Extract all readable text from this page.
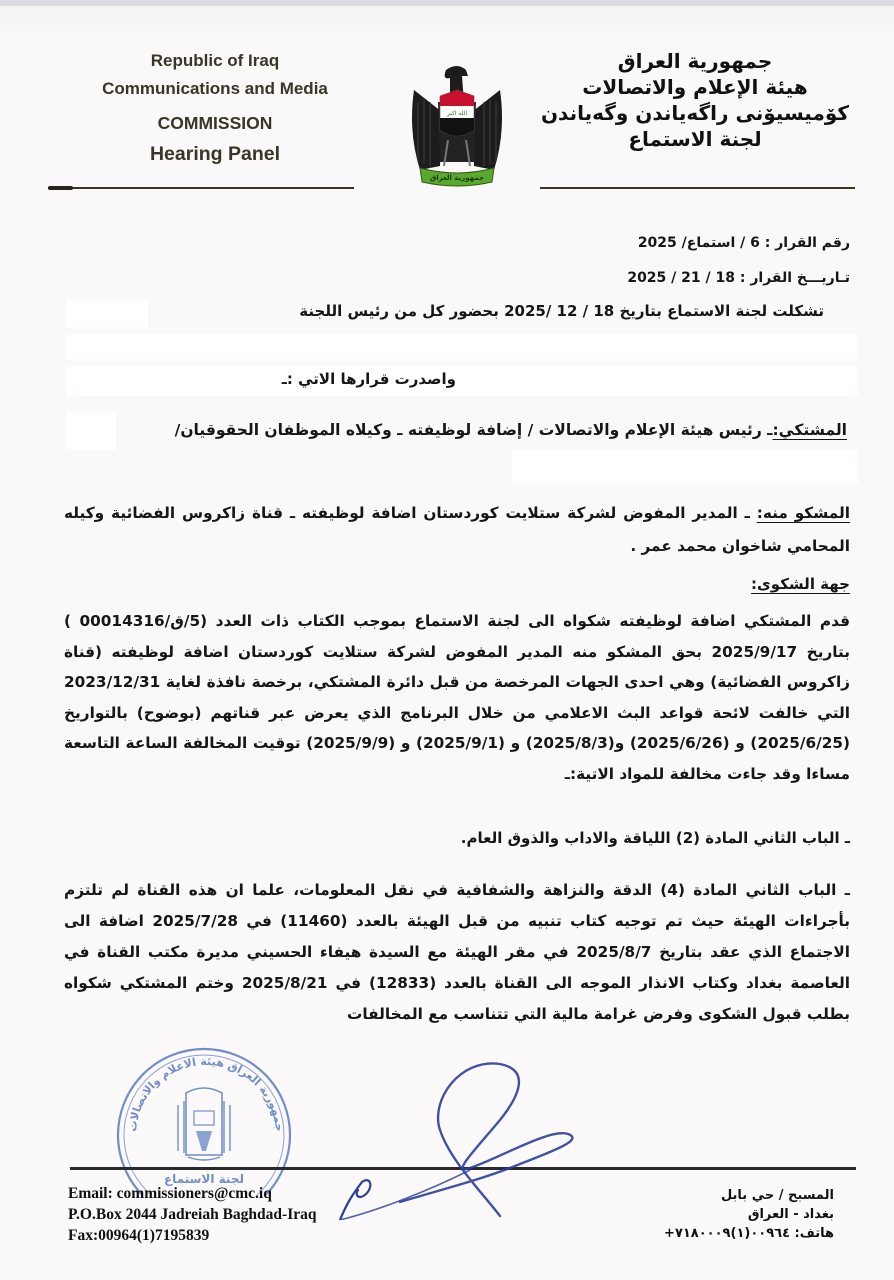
Republic of Iraq
Communications and Media
COMMISSION
Hearing Panel
الله اكبر
جمهورية العراق
جمهورية العراق
هيئة الإعلام والاتصالات
كۆمیسیۆنی راگەیاندن وگەیاندن
لجنة الاستماع
رقم القرار : 6 / استماع/ 2025
تـاريـــخ القرار : 18 / 21 / 2025
تشكلت لجنة الاستماع بتاريخ 18 / 12 /2025 بحضور كل من رئيس اللجنة
واصدرت قرارها الاتي :ـ
المشتكي:ـ رئيس هيئة الإعلام والاتصالات / إضافة لوظيفته ـ وكيلاه الموظفان الحقوقيان/
المشكو منه: ـ المدير المفوض لشركة ستلايت كوردستان اضافة لوظيفته ـ قناة زاكروس الفضائية وكيله المحامي شاخوان محمد عمر .
جهة الشكوى:
قدم المشتكي اضافة لوظيفته شكواه الى لجنة الاستماع بموجب الكتاب ذات العدد (5/ق/00014316 ) بتاريخ 2025/9/17 بحق المشكو منه المدير المفوض لشركة ستلايت كوردستان اضافة لوظيفته (قناة زاكروس الفضائية) وهي احدى الجهات المرخصة من قبل دائرة المشتكي، برخصة نافذة لغاية 2023/12/31 التي خالفت لائحة قواعد البث الاعلامي من خلال البرنامج الذي يعرض عبر قناتهم (بوضوح) بالتواريخ (2025/6/25) و (2025/6/26) و(2025/8/3) و (2025/9/1) و (2025/9/9) توقيت المخالفة الساعة التاسعة مساءا وقد جاءت مخالفة للمواد الاتية:ـ
ـ الباب الثاني المادة (2) اللياقة والاداب والذوق العام.
ـ الباب الثاني المادة (4) الدقة والنزاهة والشفافية في نقل المعلومات، علما ان هذه القناة لم تلتزم بأجراءات الهيئة حيث تم توجيه كتاب تنبيه من قبل الهيئة بالعدد (11460) في 2025/7/28 اضافة الى الاجتماع الذي عقد بتاريخ 2025/8/7 في مقر الهيئة مع السيدة هيفاء الحسيني مديرة مكتب القناة في العاصمة بغداد وكتاب الانذار الموجه الى القناة بالعدد (12833) في 2025/8/21 وختم المشتكي شكواه بطلب قبول الشكوى وفرض غرامة مالية التي تتناسب مع المخالفات
جمهورية العراق هيئة الاعلام والاتصالات
لجنة الاستماع
Email: commissioners@cmc.iq
P.O.Box 2044 Jadreiah Baghdad-Iraq
Fax:00964(1)7195839
المسبح / حي بابل
بغداد - العراق
هاتف: ٠٠٩٦٤(١)٧١٨٠٠٠٩+
